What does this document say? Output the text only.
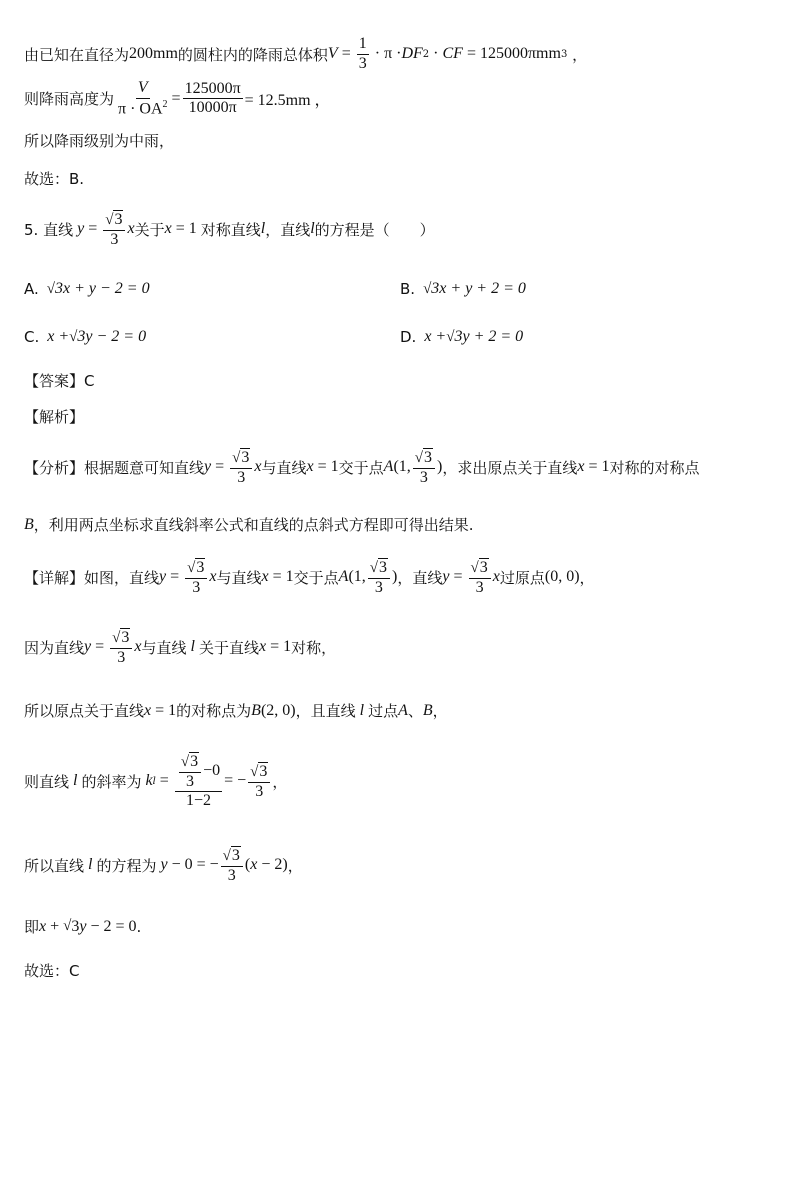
由已知在直径为 200mm 的圆柱内的降雨总体积 $V = \frac{1}{3} \cdot \pi$ · DF 2 · CF
= 125000πmm 3 ，
则降雨高度为 $\frac{V}{\pi \cdot OA^2} = \frac{125000\pi}{10000\pi} = 12.5mm$ ，
所以降雨级别为中雨，
故选：B.
5. 直线 $y = \frac{√ 3}{3}$ x 关于 x = 1 对称直线 l ，直线 l 的方程是（　　）
A. √ 3x + y − 2 = 0	B. √ 3x + y + 2 = 0
C. x + √ 3y − 2 = 0	D. x + √ 3y + 2 = 0
【答案】C
【解析】
【分析】根据题意可知直线 $y = \frac{√ 3}{3}$ x 与直线 x = 1 交于点 A (1, $\frac{√ 3}{3}$ ) ，求出原点关于直线 x = 1 对称的对称点
B ，利用两点坐标求直线斜率公式和直线的点斜式方程即可得出结果.
【详解】如图，直线 $y = \frac{√ 3}{3}$ x 与直线 x = 1 交于点 A (1, $\frac{√ 3}{3}$ ) ，直线 $y = \frac{√ 3}{3}$ x 过原点 (0, 0) ，
因为直线 $y = \frac{√ 3}{3}$ x 与直线 l 关于直线 x = 1 对称，
所以原点关于直线 x = 1 的对称点为 B (2, 0) ，且直线 l 过点 A 、 B ，
则直线 l 的斜率为 k $l = \frac{\frac{√ 3}{3} -0}{1-2}$ = − $\frac{√ 3}{3}$ ，
所以直线 l 的方程为 y − 0 = − $\frac{√ 3}{3}$ ( x − 2) ，
即 x + √ 3 y − 2 = 0 .
故选：C
